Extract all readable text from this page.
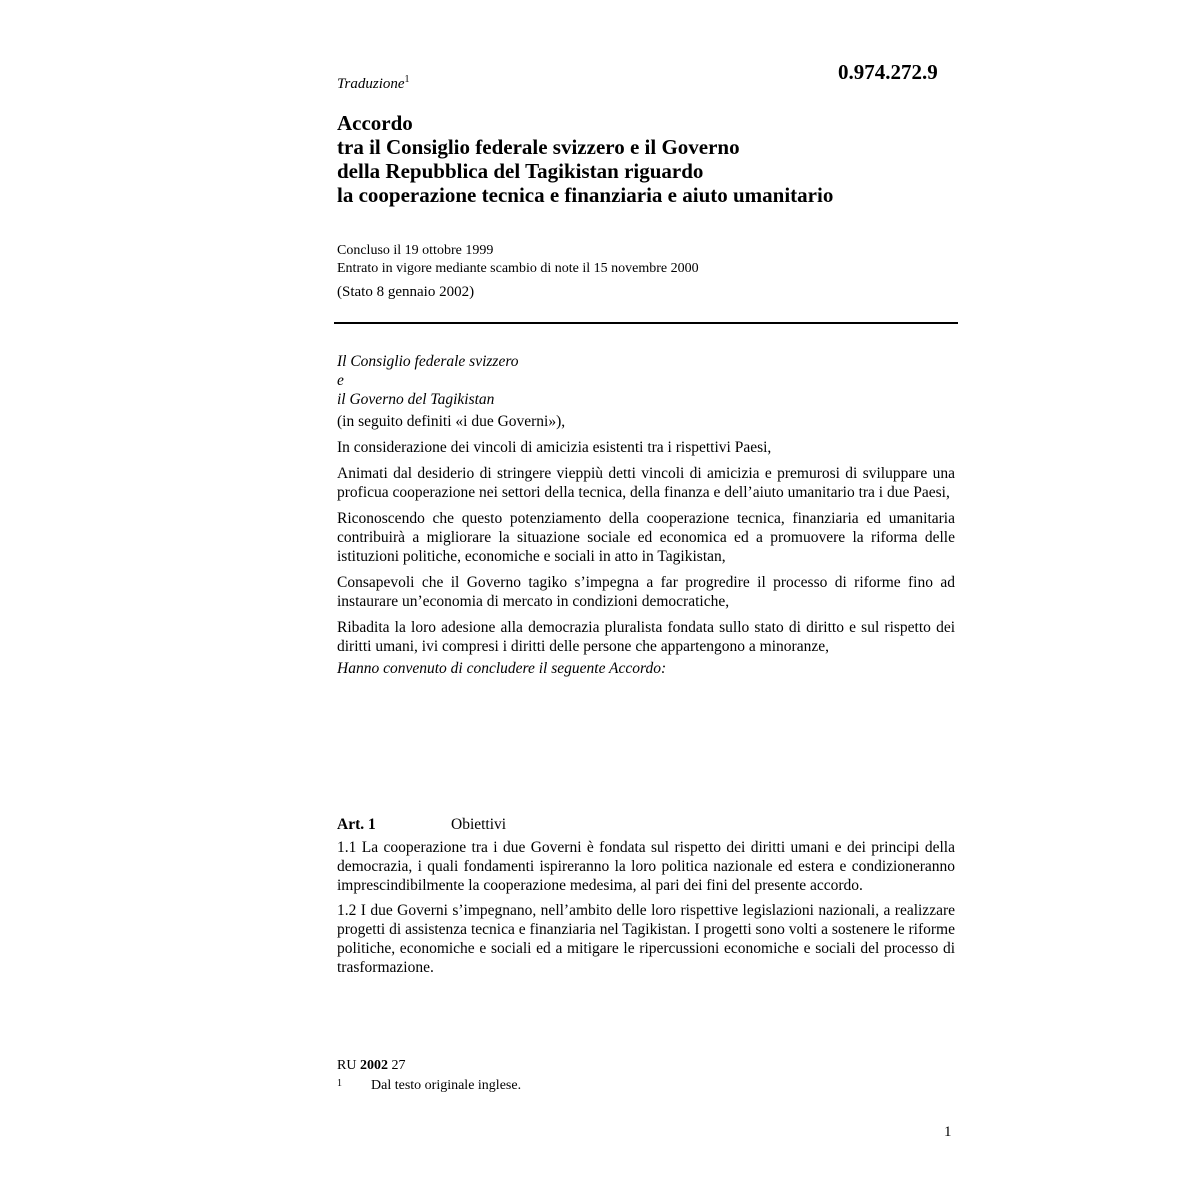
0.974.272.9
Traduzione$^1$
Accordo
tra il Consiglio federale svizzero e il Governo
della Repubblica del Tagikistan riguardo
la cooperazione tecnica e finanziaria e aiuto umanitario
Concluso il 19 ottobre 1999
Entrato in vigore mediante scambio di note il 15 novembre 2000
(Stato 8 gennaio 2002)

Il Consiglio federale svizzero

e

il Governo del Tagikistan

(in seguito definiti «i due Governi»),

In considerazione dei vincoli di amicizia esistenti tra i rispettivi Paesi,

Animati dal desiderio di stringere vieppiù detti vincoli di amicizia e premurosi di sviluppare una proficua cooperazione nei settori della tecnica, della finanza e dell’aiuto umanitario tra i due Paesi,

Riconoscendo che questo potenziamento della cooperazione tecnica, finanziaria ed umanitaria contribuirà a migliorare la situazione sociale ed economica ed a promuovere la riforma delle istituzioni politiche, economiche e sociali in atto in Tagikistan,

Consapevoli che il Governo tagiko s’impegna a far progredire il processo di riforme fino ad instaurare un’economia di mercato in condizioni democratiche,

Ribadita la loro adesione alla democrazia pluralista fondata sullo stato di diritto e sul rispetto dei diritti umani, ivi compresi i diritti delle persone che appartengono a minoranze,

Hanno convenuto di concludere il seguente Accordo:

Art. 1	Obiettivi

1.1 La cooperazione tra i due Governi è fondata sul rispetto dei diritti umani e dei principi della democrazia, i quali fondamenti ispireranno la loro politica nazionale ed estera e condizioneranno imprescindibilmente la cooperazione medesima, al pari dei fini del presente accordo.

1.2 I due Governi s’impegnano, nell’ambito delle loro rispettive legislazioni nazionali, a realizzare progetti di assistenza tecnica e finanziaria nel Tagikistan. I progetti sono volti a sostenere le riforme politiche, economiche e sociali ed a mitigare le ripercussioni economiche e sociali del processo di trasformazione.

RU 2002 27
1 Dal testo originale inglese.
1
